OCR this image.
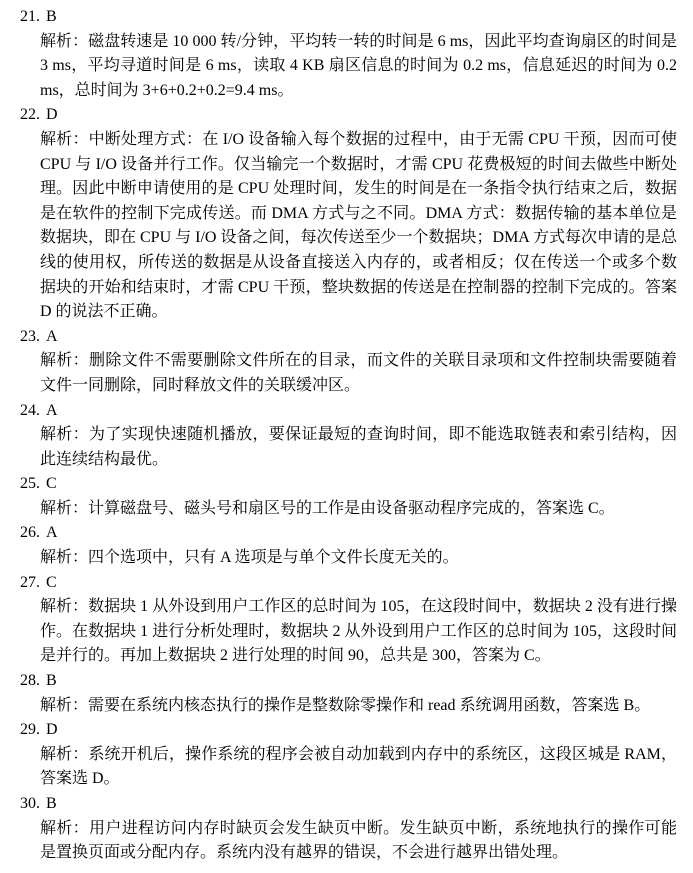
21. B
解析：磁盘转速是 10 000 转/分钟，平均转一转的时间是 6 ms，因此平均查询扇区的时间是 3 ms，平均寻道时间是 6 ms，读取 4 KB 扇区信息的时间为 0.2 ms，信息延迟的时间为 0.2 ms，总时间为 3+6+0.2+0.2=9.4 ms。
22. D
解析：中断处理方式：在 I/O 设备输入每个数据的过程中，由于无需 CPU 干预，因而可使 CPU 与 I/O 设备并行工作。仅当输完一个数据时，才需 CPU 花费极短的时间去做些中断处理。因此中断申请使用的是 CPU 处理时间，发生的时间是在一条指令执行结束之后，数据是在软件的控制下完成传送。而 DMA 方式与之不同。DMA 方式：数据传输的基本单位是数据块，即在 CPU 与 I/O 设备之间，每次传送至少一个数据块；DMA 方式每次申请的是总线的使用权，所传送的数据是从设备直接送入内存的，或者相反；仅在传送一个或多个数据块的开始和结束时，才需 CPU 干预，整块数据的传送是在控制器的控制下完成的。答案 D 的说法不正确。
23. A
解析：删除文件不需要删除文件所在的目录，而文件的关联目录项和文件控制块需要随着文件一同删除，同时释放文件的关联缓冲区。
24. A
解析：为了实现快速随机播放，要保证最短的查询时间，即不能选取链表和索引结构，因此连续结构最优。
25. C
解析：计算磁盘号、磁头号和扇区号的工作是由设备驱动程序完成的，答案选 C。
26. A
解析：四个选项中，只有 A 选项是与单个文件长度无关的。
27. C
解析：数据块 1 从外设到用户工作区的总时间为 105，在这段时间中，数据块 2 没有进行操作。在数据块 1 进行分析处理时，数据块 2 从外设到用户工作区的总时间为 105，这段时间是并行的。再加上数据块 2 进行处理的时间 90，总共是 300，答案为 C。
28. B
解析：需要在系统内核态执行的操作是整数除零操作和 read 系统调用函数，答案选 B。
29. D
解析：系统开机后，操作系统的程序会被自动加载到内存中的系统区，这段区城是 RAM，答案选 D。
30. B
解析：用户进程访问内存时缺页会发生缺页中断。发生缺页中断，系统地执行的操作可能是置换页面或分配内存。系统内没有越界的错误，不会进行越界出错处理。
